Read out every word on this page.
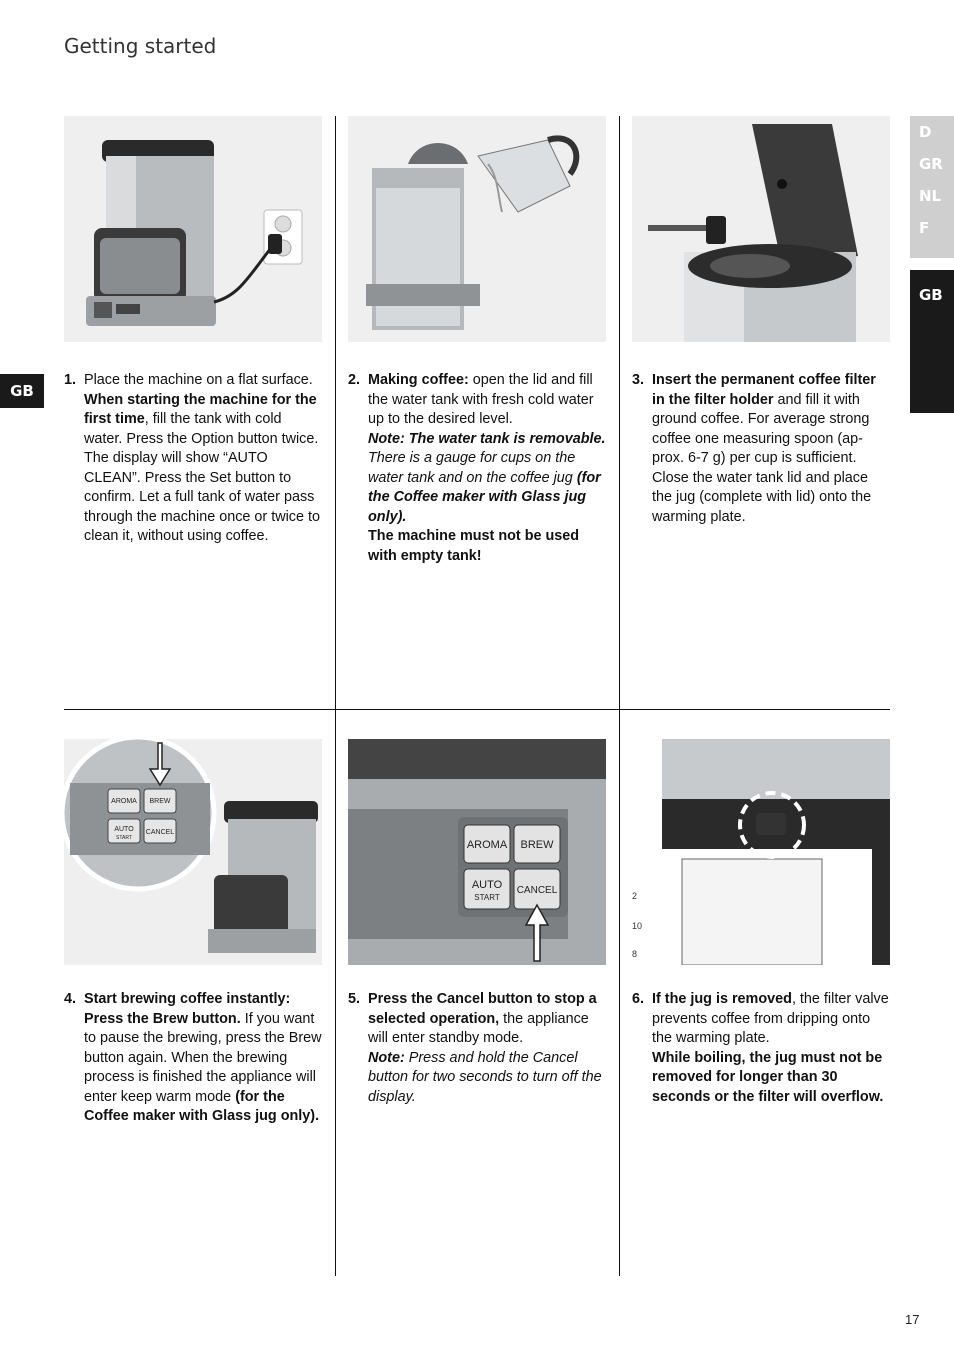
Getting started
D
GR
NL
F
GB
GB
AROMA BREW
AUTO
START
CANCEL
AROMA BREW
AUTO
START
CANCEL	2
10
8
1. Place the machine on a flat surface. When starting the machine for the first time, fill the tank with cold water. Press the Option button twice. The display will show “AUTO CLEAN”. Press the Set button to confirm. Let a full tank of water pass through the machine once or twice to clean it, without using coffee.
2. Making coffee: open the lid and fill the water tank with fresh cold water up to the desired level.
Note: The water tank is removable.
There is a gauge for cups on the water tank and on the coffee jug (for the Coffee maker with Glass jug only).
The machine must not be used with empty tank!
3. Insert the permanent coffee filter in the filter holder and fill it with ground coffee. For average strong coffee one measuring spoon (approx. 6-7 g) per cup is sufficient. Close the water tank lid and place the jug (complete with lid) onto the warming plate.
4. Start brewing coffee instantly: Press the Brew button. If you want to pause the brewing, press the Brew button again. When the brewing process is finished the appliance will enter keep warm mode (for the Coffee maker with Glass jug only).
5. Press the Cancel button to stop a selected operation, the appliance will enter standby mode.
Note: Press and hold the Cancel button for two seconds to turn off the display.
6. If the jug is removed, the filter valve prevents coffee from dripping onto the warming plate.
While boiling, the jug must not be removed for longer than 30 seconds or the filter will overflow.
17
